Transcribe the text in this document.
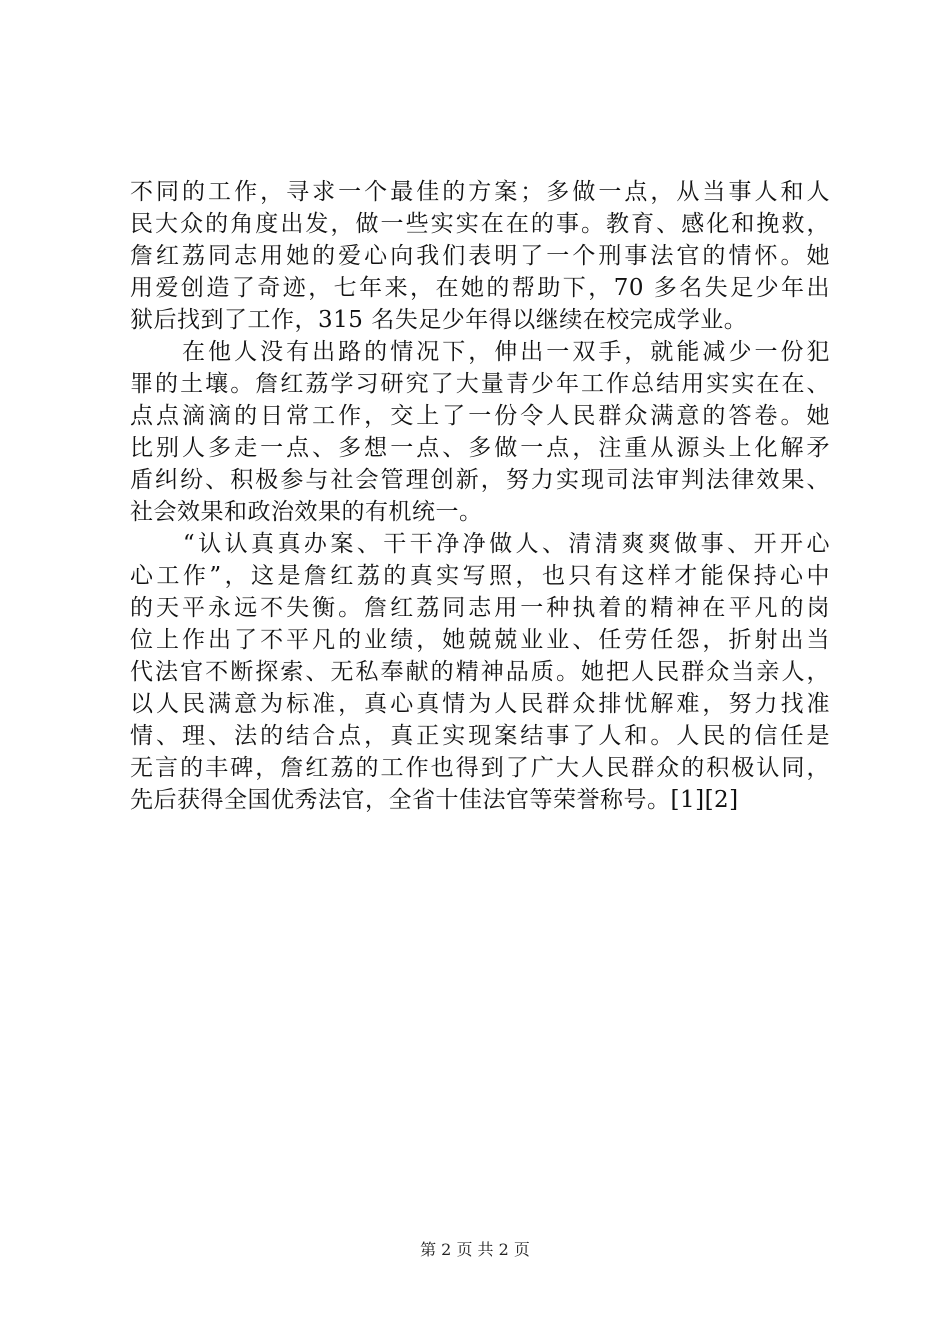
不同的工作，寻求一个最佳的方案；多做一点，从当事人和人
民大众的角度出发，做一些实实在在的事。教育、感化和挽救，
詹红荔同志用她的爱心向我们表明了一个刑事法官的情怀。她
用爱创造了奇迹，七年来，在她的帮助下，70 多名失足少年出
狱后找到了工作，315 名失足少年得以继续在校完成学业。
　　在他人没有出路的情况下，伸出一双手，就能减少一份犯
罪的土壤。詹红荔学习研究了大量青少年工作总结用实实在在、
点点滴滴的日常工作，交上了一份令人民群众满意的答卷。她
比别人多走一点、多想一点、多做一点，注重从源头上化解矛
盾纠纷、积极参与社会管理创新，努力实现司法审判法律效果、
社会效果和政治效果的有机统一。
　　“认认真真办案、干干净净做人、清清爽爽做事、开开心
心工作”，这是詹红荔的真实写照，也只有这样才能保持心中
的天平永远不失衡。詹红荔同志用一种执着的精神在平凡的岗
位上作出了不平凡的业绩，她兢兢业业、任劳任怨，折射出当
代法官不断探索、无私奉献的精神品质。她把人民群众当亲人，
以人民满意为标准，真心真情为人民群众排忧解难，努力找准
情、理、法的结合点，真正实现案结事了人和。人民的信任是
无言的丰碑，詹红荔的工作也得到了广大人民群众的积极认同，
先后获得全国优秀法官，全省十佳法官等荣誉称号。[1][2]
第 2 页 共 2 页
